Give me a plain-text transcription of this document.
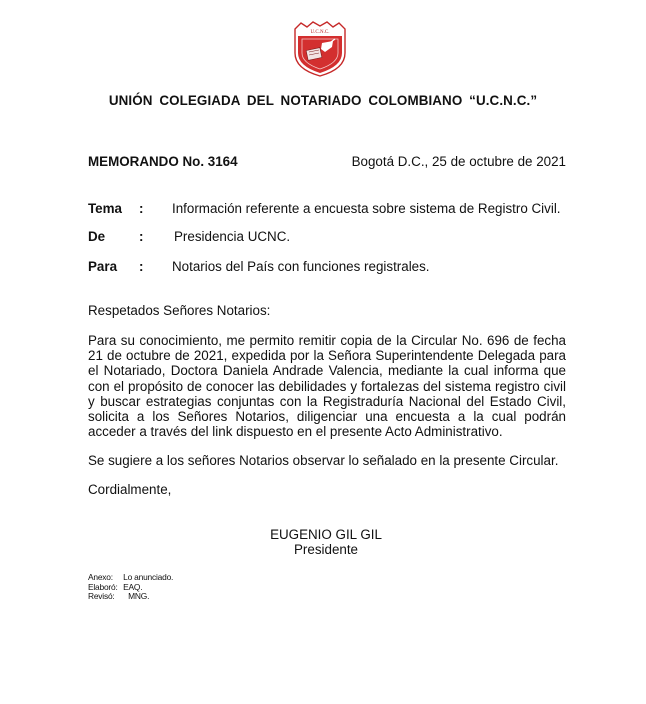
U.C.N.C.
UNIÓN COLEGIADA DEL NOTARIADO COLOMBIANO “U.C.N.C.”
MEMORANDO No. 3164	Bogotá D.C., 25 de octubre de 2021
Tema : Información referente a encuesta sobre sistema de Registro Civil.
De	: Presidencia UCNC.
Para : Notarios del País con funciones registrales.
Respetados Señores Notarios:
Para su conocimiento, me permito remitir copia de la Circular No. 696 de fecha 21 de octubre de 2021, expedida por la Señora Superintendente Delegada para el Notariado, Doctora Daniela Andrade Valencia, mediante la cual informa que con el propósito de conocer las debilidades y fortalezas del sistema registro civil y buscar estrategias conjuntas con la Registraduría Nacional del Estado Civil, solicita a los Señores Notarios, diligenciar una encuesta a la cual podrán acceder a través del link dispuesto en el presente Acto Administrativo.
Se sugiere a los señores Notarios observar lo señalado en la presente Circular.
Cordialmente,
EUGENIO GIL GIL
Presidente
Anexo: Lo anunciado.
Elaboró: EAQ.
Revisó: MNG.
